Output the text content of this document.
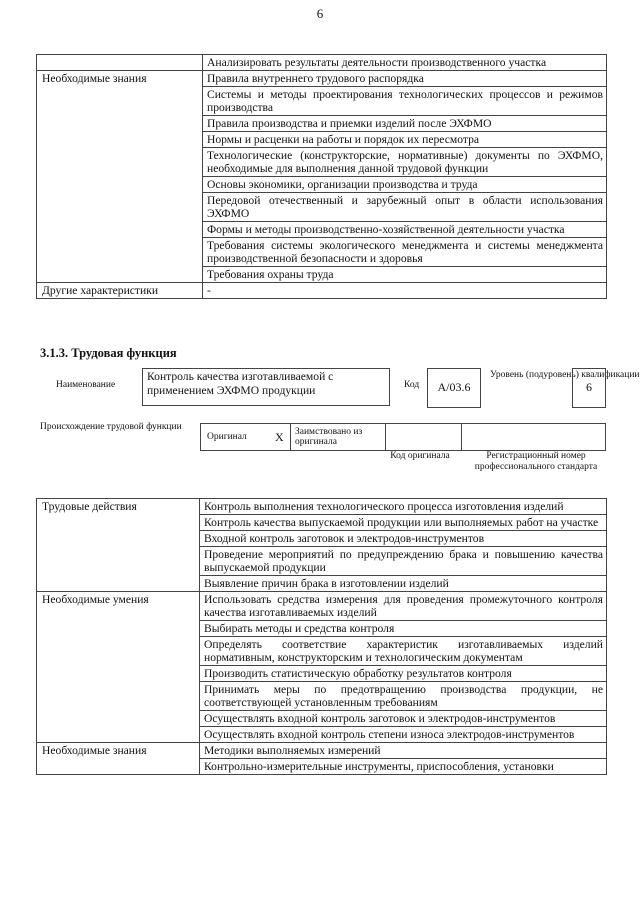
6
	Анализировать результаты деятельности производственного участка
Необходимые знания	Правила внутреннего трудового распорядка
	Системы и методы проектирования технологических процессов и режимов производства
	Правила производства и приемки изделий после ЭХФМО
	Нормы и расценки на работы и порядок их пересмотра
	Технологические (конструкторские, нормативные) документы по ЭХФМО, необходимые для выполнения данной трудовой функции
	Основы экономики, организации производства и труда
	Передовой отечественный и зарубежный опыт в области использования ЭХФМО
	Формы и методы производственно-хозяйственной деятельности участка
	Требования системы экологического менеджмента и системы менеджмента производственной безопасности и здоровья
	Требования охраны труда
Другие характеристики	-
3.1.3. Трудовая функция
Наименование
Контроль качества изготавливаемой с применением ЭХФМО продукции	Код	А/03.6
Уровень (подуровень) квалификации
6
Происхождение трудовой функции
Оригинал X Заимствовано из оригинала
Код оригинала	Регистрационный номер профессионального стандарта
Трудовые действия	Контроль выполнения технологического процесса изготовления изделий
	Контроль качества выпускаемой продукции или выполняемых работ на участке
	Входной контроль заготовок и электродов-инструментов
	Проведение мероприятий по предупреждению брака и повышению качества выпускаемой продукции
	Выявление причин брака в изготовлении изделий
Необходимые умения	Использовать средства измерения для проведения промежуточного контроля качества изготавливаемых изделий
	Выбирать методы и средства контроля
	Определять соответствие характеристик изготавливаемых изделий нормативным, конструкторским и технологическим документам
	Производить статистическую обработку результатов контроля
	Принимать меры по предотвращению производства продукции, не соответствующей установленным требованиям
	Осуществлять входной контроль заготовок и электродов-инструментов
	Осуществлять входной контроль степени износа электродов-инструментов
Необходимые знания	Методики выполняемых измерений
	Контрольно-измерительные инструменты, приспособления, установки
